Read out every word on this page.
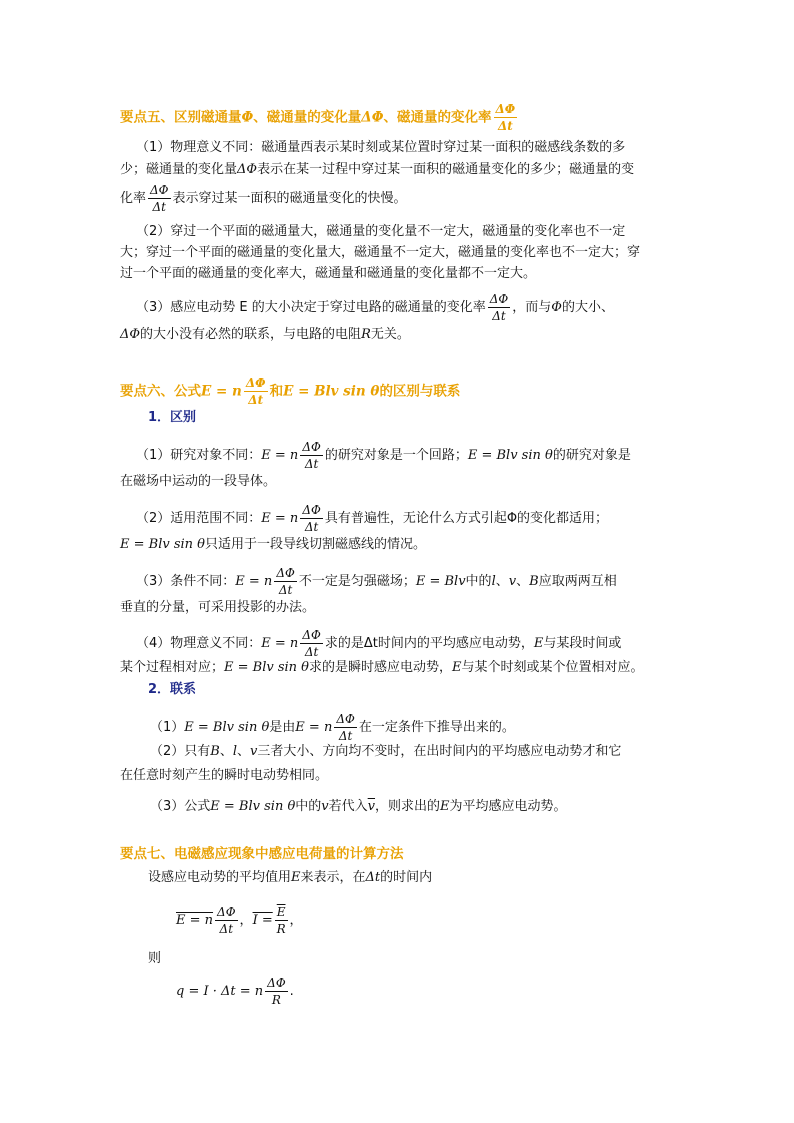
要点五、区别磁通量Φ、磁通量的变化量ΔΦ、磁通量的变化率 $\frac{\Delta\Phi}{\Delta t}$
（1）物理意义不同：磁通量西表示某时刻或某位置时穿过某一面积的磁感线条数的多
少；磁通量的变化量ΔΦ表示在某一过程中穿过某一面积的磁通量变化的多少；磁通量的变
化率 $\frac{\Delta\Phi}{\Delta t}$ 表示穿过某一面积的磁通量变化的快慢。
（2）穿过一个平面的磁通量大，磁通量的变化量不一定大，磁通量的变化率也不一定
大；穿过一个平面的磁通量的变化量大，磁通量不一定大，磁通量的变化率也不一定大；穿
过一个平面的磁通量的变化率大，磁通量和磁通量的变化量都不一定大。
（3）感应电动势 E 的大小决定于穿过电路的磁通量的变化率 $\frac{\Delta\Phi}{\Delta t}$ ，而与Φ的大小、
ΔΦ的大小没有必然的联系，与电路的电阻R无关。
要点六、公式E = n $\frac{\Delta\Phi}{\Delta t}$ 和E = Blv sin θ的区别与联系
1．区别
（1）研究对象不同：E = n $\frac{\Delta\Phi}{\Delta t}$ 的研究对象是一个回路；E = Blv sin θ的研究对象是
在磁场中运动的一段导体。
（2）适用范围不同：E = n $\frac{\Delta\Phi}{\Delta t}$ 具有普遍性，无论什么方式引起Φ的变化都适用；
E = Blv sin θ只适用于一段导线切割磁感线的情况。
（3）条件不同：E = n $\frac{\Delta\Phi}{\Delta t}$ 不一定是匀强磁场；E = Blv中的l、v、B应取两两互相
垂直的分量，可采用投影的办法。
（4）物理意义不同：E = n $\frac{\Delta\Phi}{\Delta t}$ 求的是Δt时间内的平均感应电动势，E与某段时间或
某个过程相对应；E = Blv sin θ求的是瞬时感应电动势，E与某个时刻或某个位置相对应。
2．联系
（1）E = Blv sin θ是由E = n $\frac{\Delta\Phi}{\Delta t}$ 在一定条件下推导出来的。
（2）只有B、l、v三者大小、方向均不变时，在出时间内的平均感应电动势才和它
在任意时刻产生的瞬时电动势相同。
（3）公式E = Blv sin θ中的v若代入$\overline{v}$，则求出的E为平均感应电动势。
要点七、电磁感应现象中感应电荷量的计算方法
设感应电动势的平均值用E来表示，在Δt的时间内
E = n $\frac{\Delta\Phi}{\Delta t}$ ，$I = \frac{\overline{E}}{R}$ ，
则
q = I · Δt = n $\frac{\Delta\Phi}{R}$ .
